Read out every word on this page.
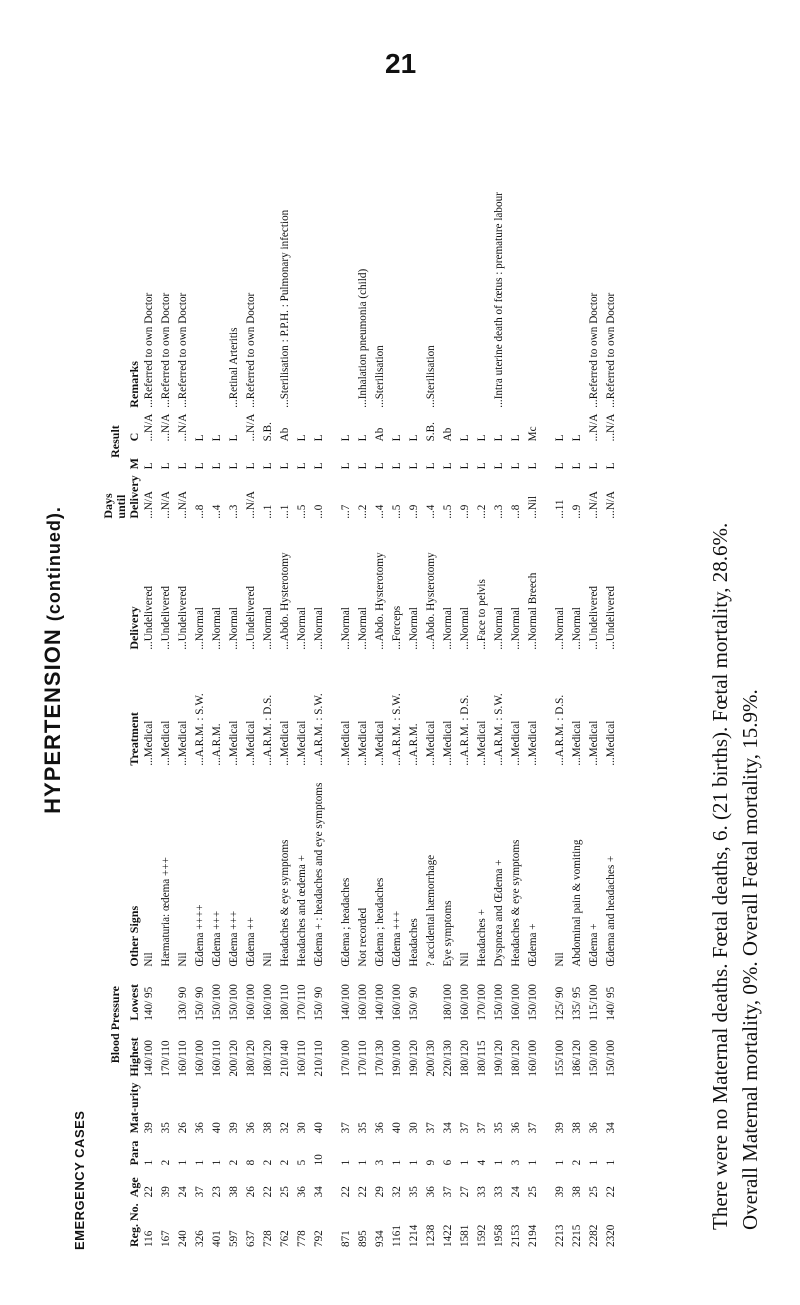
21
HYPERTENSION (continued).
EMERGENCY CASES	Reg. No.	Age	Para	Mat-urity	Blood Pressure		Other Signs	Treatment	Delivery	Days until Delivery	Result		Remarks
				Highest	Lowest					M	C	
116	22	1	39	140/100	140/ 95	Nil	...Medical	...Undelivered	...N/A	L	...N/A	...Referred to own Doctor
167	39	2	35	170/110		Hæmaturia: œdema +++	...Medical	...Undelivered	...N/A	L	...N/A	...Referred to own Doctor
240	24	1	26	160/110	130/ 90	Nil	...Medical	...Undelivered	...N/A	L	...N/A	...Referred to own Doctor
326	37	1	36	160/100	150/ 90	Œdema ++++	...A.R.M. : S.W.	...Normal	...8	L	L	
401	23	1	40	160/110	150/100	Œdema +++	...A.R.M.	...Normal	...4	L	L	
597	38	2	39	200/120	150/100	Œdema +++	...Medical	...Normal	...3	L	L	...Retinal Arteritis
637	26	8	36	180/120	160/100	Œdema ++	...Medical	...Undelivered	...N/A	L	...N/A	...Referred to own Doctor
728	22	2	38	180/120	160/100	Nil	...A.R.M. : D.S.	...Normal	...1	L	S.B.	
762	25	2	32	210/140	180/110	Headaches & eye symptoms	...Medical	...Abdo. Hysterotomy	...1	L	Ab	...Sterilisation : P.P.H. : Pulmonary infection
778	36	5	30	160/110	170/110	Headaches and œdema +	...Medical	...Normal	...5	L	L	
792	34	10	40	210/110	150/ 90	Œdema + : headaches and eye symptoms	...A.R.M. : S.W.	...Normal	...0	L	L	

871	22	1	37	170/100	140/100	Œdema ; headaches	...Medical	...Normal	...7	L	L	
895	22	1	35	170/110	160/100	Not recorded	...Medical	...Normal	...2	L	L	...Inhalation pneumonia (child)
934	29	3	36	170/130	140/100	Œdema ; headaches	...Medical	...Abdo. Hysterotomy	...4	L	Ab	...Sterilisation
1161	32	1	40	190/100	160/100	Œdema +++	...A.R.M. : S.W.	...Forceps	...5	L	L	
1214	35	1	30	190/120	150/ 90	Headaches	...A.R.M.	...Normal	...9	L	L	
1238	36	9	37	200/130		? accidental hæmorrhage	...Medical	...Abdo. Hysterotomy	...4	L	S.B.	...Sterilisation
1422	37	6	34	220/130	180/100	Eye symptoms	...Medical	...Normal	...5	L	Ab	
1581	27	1	37	180/120	160/100	Nil	...A.R.M. : D.S.	...Normal	...9	L	L	
1592	33	4	37	180/115	170/100	Headaches +	...Medical	...Face to pelvis	...2	L	L	
1958	33	1	35	190/120	150/100	Dyspnœa and Œdema +	...A.R.M. : S.W.	...Normal	...3	L	L	...Intra uterine death of fœtus : premature labour
2153	24	3	36	180/120	160/100	Headaches & eye symptoms	...Medical	...Normal	...8	L	L	
2194	25	1	37	160/100	150/100	Œdema +	...Medical	...Normal Breech	...Nil	L	Mc	

2213	39	1	39	155/100	125/ 90	Nil	...A.R.M. : D.S.	...Normal	...11	L	L	
2215	38	2	38	186/120	135/ 95	Abdominal pain & vomiting	...Medical	...Normal	...9	L	L	
2282	25	1	36	150/100	115/100	Œdema +	...Medical	...Undelivered	...N/A	L	...N/A	...Referred to own Doctor
2320	22	1	34	150/100	140/ 95	Œdema and headaches +	...Medical	...Undelivered	...N/A	L	...N/A	...Referred to own Doctor
There were no Maternal deaths. Fœtal deaths, 6. (21 births). Fœtal mortality, 28.6%. Overall Maternal mortality, 0%. Overall Fœtal mortality, 15.9%.
